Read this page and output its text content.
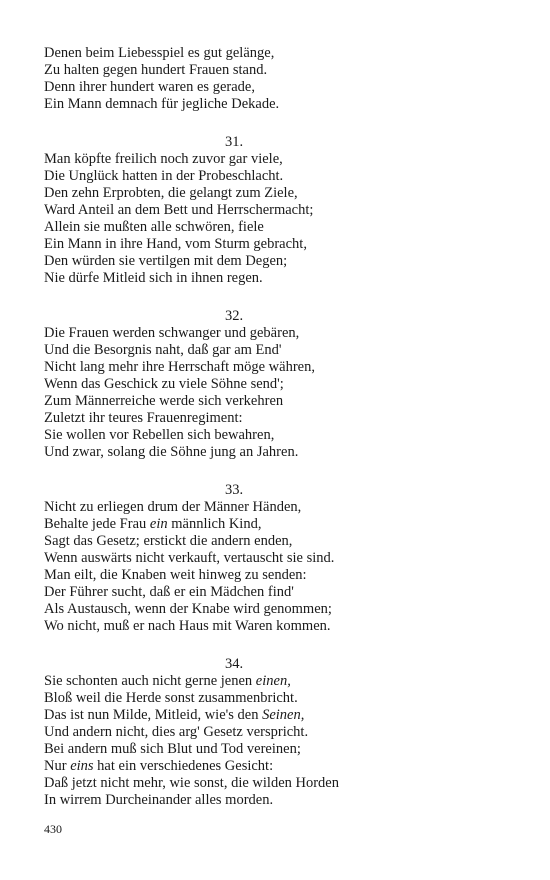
Denen beim Liebesspiel es gut gelänge,
Zu halten gegen hundert Frauen stand.
Denn ihrer hundert waren es gerade,
Ein Mann demnach für jegliche Dekade.
31.
Man köpfte freilich noch zuvor gar viele,
Die Unglück hatten in der Probeschlacht.
Den zehn Erprobten, die gelangt zum Ziele,
Ward Anteil an dem Bett und Herrschermacht;
Allein sie mußten alle schwören, fiele
Ein Mann in ihre Hand, vom Sturm gebracht,
Den würden sie vertilgen mit dem Degen;
Nie dürfe Mitleid sich in ihnen regen.
32.
Die Frauen werden schwanger und gebären,
Und die Besorgnis naht, daß gar am End'
Nicht lang mehr ihre Herrschaft möge währen,
Wenn das Geschick zu viele Söhne send';
Zum Männerreiche werde sich verkehren
Zuletzt ihr teures Frauenregiment:
Sie wollen vor Rebellen sich bewahren,
Und zwar, solang die Söhne jung an Jahren.
33.
Nicht zu erliegen drum der Männer Händen,
Behalte jede Frau ein männlich Kind,
Sagt das Gesetz; erstickt die andern enden,
Wenn auswärts nicht verkauft, vertauscht sie sind.
Man eilt, die Knaben weit hinweg zu senden:
Der Führer sucht, daß er ein Mädchen find'
Als Austausch, wenn der Knabe wird genommen;
Wo nicht, muß er nach Haus mit Waren kommen.
34.
Sie schonten auch nicht gerne jenen einen,
Bloß weil die Herde sonst zusammenbricht.
Das ist nun Milde, Mitleid, wie's den Seinen,
Und andern nicht, dies arg' Gesetz verspricht.
Bei andern muß sich Blut und Tod vereinen;
Nur eins hat ein verschiedenes Gesicht:
Daß jetzt nicht mehr, wie sonst, die wilden Horden
In wirrem Durcheinander alles morden.
430
